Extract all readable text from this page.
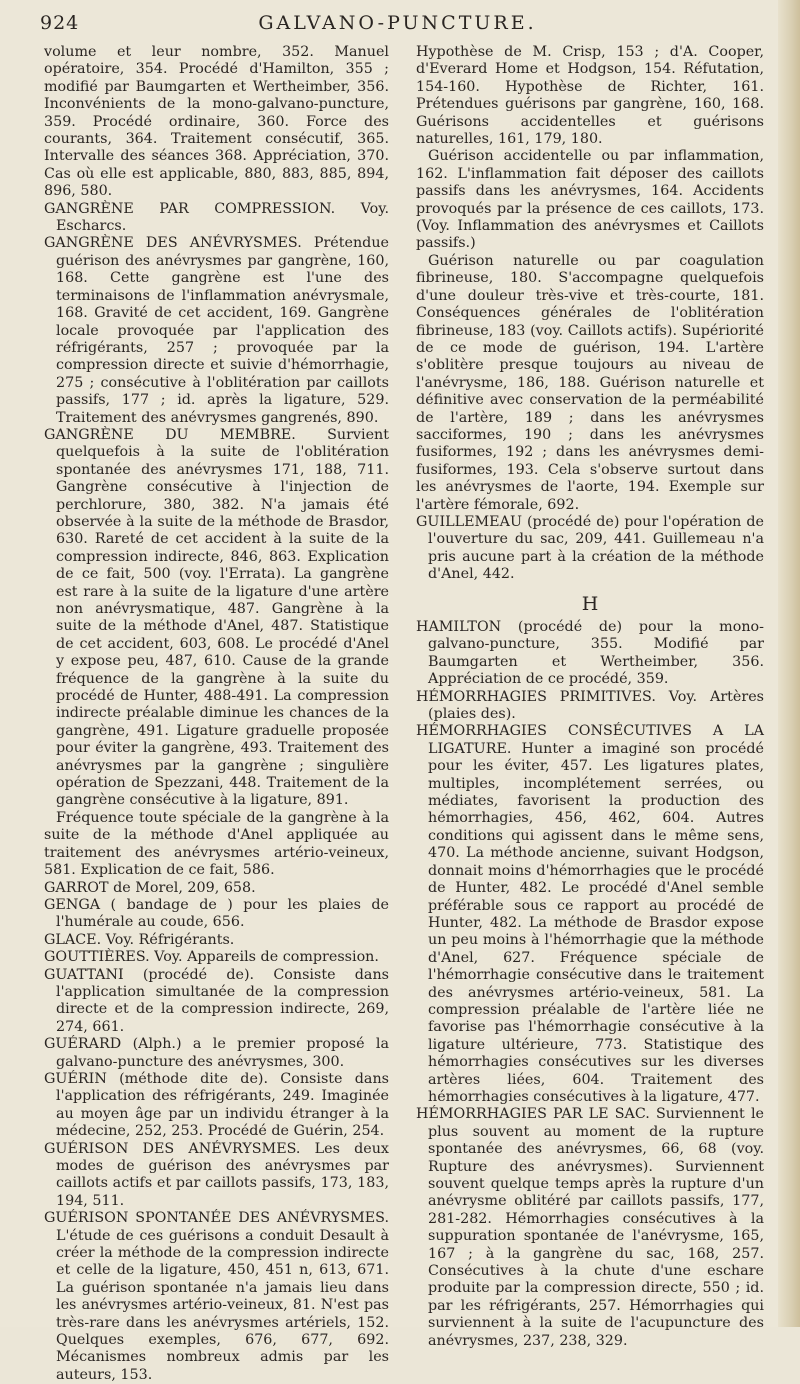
924	GALVANO-PUNCTURE.

volume et leur nombre, 352. Manuel opératoire, 354. Procédé d'Hamilton, 355 ; modifié par Baumgarten et Wertheimber, 356. Inconvénients de la mono-galvano-puncture, 359. Procédé ordinaire, 360. Force des courants, 364. Traitement consécutif, 365. Intervalle des séances 368. Appréciation, 370. Cas où elle est applicable, 880, 883, 885, 894, 896, 580.

GANGRÈNE PAR COMPRESSION. Voy. Escharcs.

GANGRÈNE DES ANÉVRYSMES. Prétendue guérison des anévrysmes par gangrène, 160, 168. Cette gangrène est l'une des terminaisons de l'inflammation anévrysmale, 168. Gravité de cet accident, 169. Gangrène locale provoquée par l'application des réfrigérants, 257 ; provoquée par la compression directe et suivie d'hémorrhagie, 275 ; consécutive à l'oblitération par caillots passifs, 177 ; id. après la ligature, 529. Traitement des anévrysmes gangrenés, 890.

GANGRÈNE DU MEMBRE. Survient quelquefois à la suite de l'oblitération spontanée des anévrysmes 171, 188, 711. Gangrène consécutive à l'injection de perchlorure, 380, 382. N'a jamais été observée à la suite de la méthode de Brasdor, 630. Rareté de cet accident à la suite de la compression indirecte, 846, 863. Explication de ce fait, 500 (voy. l'Errata). La gangrène est rare à la suite de la ligature d'une artère non anévrysmatique, 487. Gangrène à la suite de la méthode d'Anel, 487. Statistique de cet accident, 603, 608. Le procédé d'Anel y expose peu, 487, 610. Cause de la grande fréquence de la gangrène à la suite du procédé de Hunter, 488-491. La compression indirecte préalable diminue les chances de la gangrène, 491. Ligature graduelle proposée pour éviter la gangrène, 493. Traitement des anévrysmes par la gangrène ; singulière opération de Spezzani, 448. Traitement de la gangrène consécutive à la ligature, 891.

Fréquence toute spéciale de la gangrène à la suite de la méthode d'Anel appliquée au traitement des anévrysmes artério-veineux, 581. Explication de ce fait, 586.

GARROT de Morel, 209, 658.

GENGA ( bandage de ) pour les plaies de l'humérale au coude, 656.

GLACE. Voy. Réfrigérants.

GOUTTIÈRES. Voy. Appareils de compression.

GUATTANI (procédé de). Consiste dans l'application simultanée de la compression directe et de la compression indirecte, 269, 274, 661.

GUÉRARD (Alph.) a le premier proposé la galvano-puncture des anévrysmes, 300.

GUÉRIN (méthode dite de). Consiste dans l'application des réfrigérants, 249. Imaginée au moyen âge par un individu étranger à la médecine, 252, 253. Procédé de Guérin, 254.

GUÉRISON DES ANÉVRYSMES. Les deux modes de guérison des anévrysmes par caillots actifs et par caillots passifs, 173, 183, 194, 511.

GUÉRISON SPONTANÉE DES ANÉVRYSMES. L'étude de ces guérisons a conduit Desault à créer la méthode de la compression indirecte et celle de la ligature, 450, 451 n, 613, 671. La guérison spontanée n'a jamais lieu dans les anévrysmes artério-veineux, 81. N'est pas très-rare dans les anévrysmes artériels, 152. Quelques exemples, 676, 677, 692. Mécanismes nombreux admis par les auteurs, 153.

Hypothèse de M. Crisp, 153 ; d'A. Cooper, d'Everard Home et Hodgson, 154. Réfutation, 154-160. Hypothèse de Richter, 161. Prétendues guérisons par gangrène, 160, 168. Guérisons accidentelles et guérisons naturelles, 161, 179, 180.

Guérison accidentelle ou par inflammation, 162. L'inflammation fait déposer des caillots passifs dans les anévrysmes, 164. Accidents provoqués par la présence de ces caillots, 173. (Voy. Inflammation des anévrysmes et Caillots passifs.)

Guérison naturelle ou par coagulation fibrineuse, 180. S'accompagne quelquefois d'une douleur très-vive et très-courte, 181. Conséquences générales de l'oblitération fibrineuse, 183 (voy. Caillots actifs). Supériorité de ce mode de guérison, 194. L'artère s'oblitère presque toujours au niveau de l'anévrysme, 186, 188. Guérison naturelle et définitive avec conservation de la perméabilité de l'artère, 189 ; dans les anévrysmes sacciformes, 190 ; dans les anévrysmes fusiformes, 192 ; dans les anévrysmes demi-fusiformes, 193. Cela s'observe surtout dans les anévrysmes de l'aorte, 194. Exemple sur l'artère fémorale, 692.

GUILLEMEAU (procédé de) pour l'opération de l'ouverture du sac, 209, 441. Guillemeau n'a pris aucune part à la création de la méthode d'Anel, 442.

H

HAMILTON (procédé de) pour la mono-galvano-puncture, 355. Modifié par Baumgarten et Wertheimber, 356. Appréciation de ce procédé, 359.

HÉMORRHAGIES PRIMITIVES. Voy. Artères (plaies des).

HÉMORRHAGIES CONSÉCUTIVES A LA LIGATURE. Hunter a imaginé son procédé pour les éviter, 457. Les ligatures plates, multiples, incomplétement serrées, ou médiates, favorisent la production des hémorrhagies, 456, 462, 604. Autres conditions qui agissent dans le même sens, 470. La méthode ancienne, suivant Hodgson, donnait moins d'hémorrhagies que le procédé de Hunter, 482. Le procédé d'Anel semble préférable sous ce rapport au procédé de Hunter, 482. La méthode de Brasdor expose un peu moins à l'hémorrhagie que la méthode d'Anel, 627. Fréquence spéciale de l'hémorrhagie consécutive dans le traitement des anévrysmes artério-veineux, 581. La compression préalable de l'artère liée ne favorise pas l'hémorrhagie consécutive à la ligature ultérieure, 773. Statistique des hémorrhagies consécutives sur les diverses artères liées, 604. Traitement des hémorrhagies consécutives à la ligature, 477.

HÉMORRHAGIES PAR LE SAC. Surviennent le plus souvent au moment de la rupture spontanée des anévrysmes, 66, 68 (voy. Rupture des anévrysmes). Surviennent souvent quelque temps après la rupture d'un anévrysme oblitéré par caillots passifs, 177, 281-282. Hémorrhagies consécutives à la suppuration spontanée de l'anévrysme, 165, 167 ; à la gangrène du sac, 168, 257. Consécutives à la chute d'une eschare produite par la compression directe, 550 ; id. par les réfrigérants, 257. Hémorrhagies qui surviennent à la suite de l'acupuncture des anévrysmes, 237, 238, 329.
